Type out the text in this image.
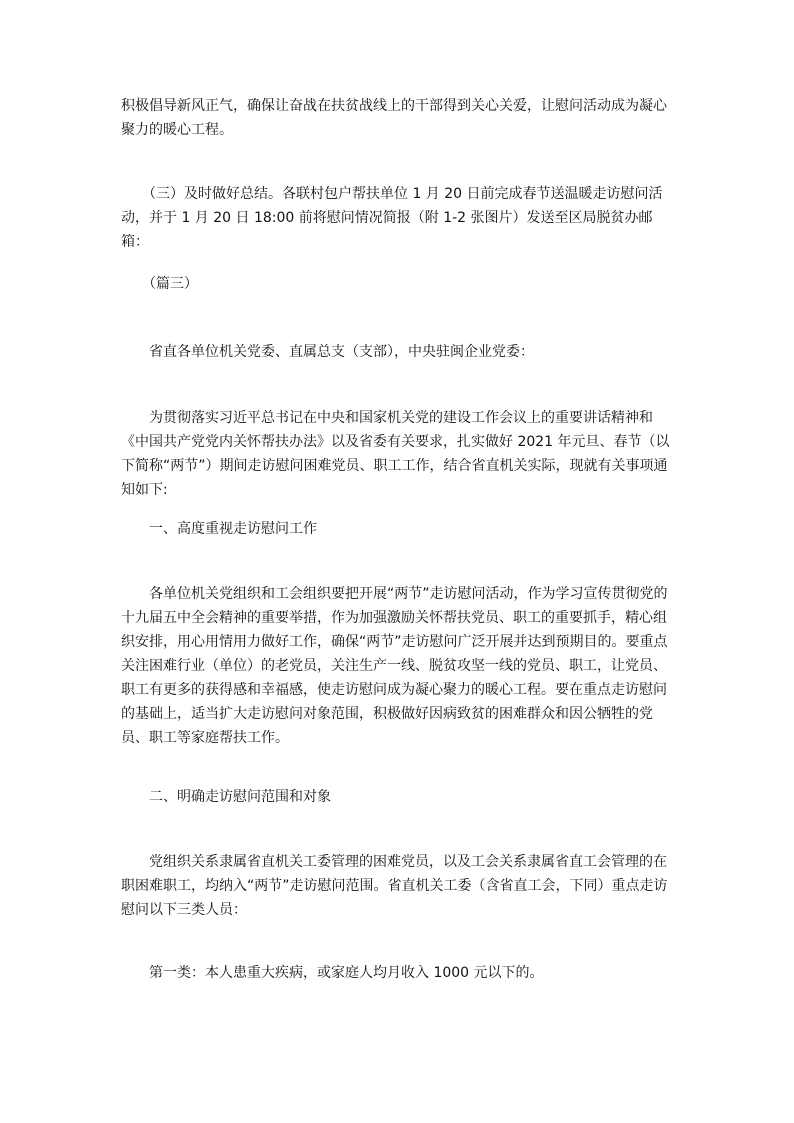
积极倡导新风正气，确保让奋战在扶贫战线上的干部得到关心关爱，让慰问活动成为凝心聚力的暖心工程。

　　（三）及时做好总结。各联村包户帮扶单位 1 月 20 日前完成春节送温暖走访慰问活动，并于 1 月 20 日 18:00 前将慰问情况简报（附 1-2 张图片）发送至区局脱贫办邮箱：

　　（篇三）

　　省直各单位机关党委、直属总支（支部），中央驻闽企业党委：

　　为贯彻落实习近平总书记在中央和国家机关党的建设工作会议上的重要讲话精神和《中国共产党党内关怀帮扶办法》以及省委有关要求，扎实做好 2021 年元旦、春节（以下简称“两节”）期间走访慰问困难党员、职工工作，结合省直机关实际，现就有关事项通知如下:

　　一、高度重视走访慰问工作

　　各单位机关党组织和工会组织要把开展“两节”走访慰问活动，作为学习宣传贯彻党的十九届五中全会精神的重要举措，作为加强激励关怀帮扶党员、职工的重要抓手，精心组织安排，用心用情用力做好工作，确保“两节”走访慰问广泛开展并达到预期目的。要重点关注困难行业（单位）的老党员，关注生产一线、脱贫攻坚一线的党员、职工，让党员、职工有更多的获得感和幸福感，使走访慰问成为凝心聚力的暖心工程。要在重点走访慰问的基础上，适当扩大走访慰问对象范围，积极做好因病致贫的困难群众和因公牺牲的党员、职工等家庭帮扶工作。

　　二、明确走访慰问范围和对象

　　党组织关系隶属省直机关工委管理的困难党员，以及工会关系隶属省直工会管理的在职困难职工，均纳入“两节”走访慰问范围。省直机关工委（含省直工会，下同）重点走访慰问以下三类人员：

　　第一类：本人患重大疾病，或家庭人均月收入 1000 元以下的。
